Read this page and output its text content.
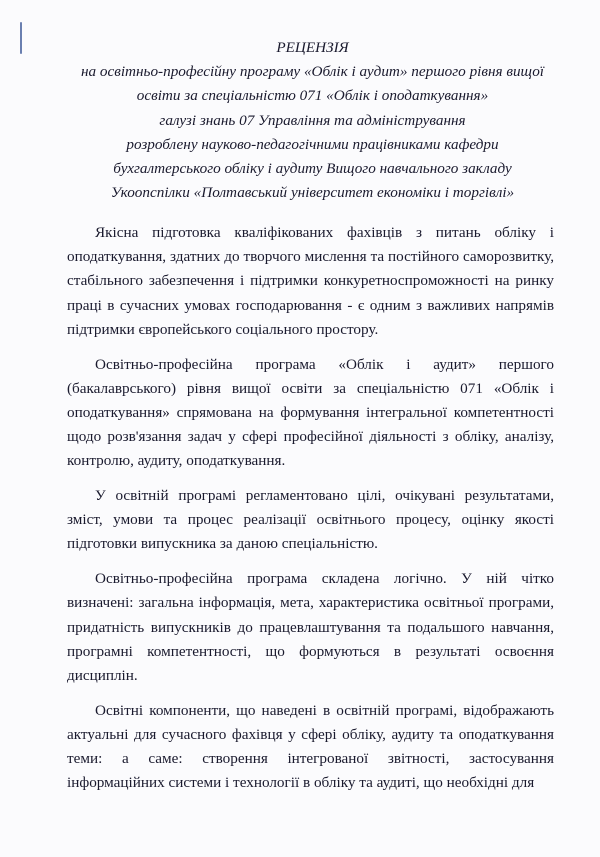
РЕЦЕНЗІЯ
на освітньо-професійну програму «Облік і аудит» першого рівня вищої
освіти за спеціальністю 071 «Облік і оподаткування»
галузі знань 07 Управління та адміністрування
розроблену науково-педагогічними працівниками кафедри
бухгалтерського обліку і аудиту Вищого навчального закладу
Укоопспілки «Полтавський університет економіки і торгівлі»

Якісна підготовка кваліфікованих фахівців з питань обліку і оподаткування, здатних до творчого мислення та постійного саморозвитку, стабільного забезпечення і підтримки конкуретноспроможності на ринку праці в сучасних умовах господарювання - є одним з важливих напрямів підтримки європейського соціального простору.

Освітньо-професійна програма «Облік і аудит» першого (бакалаврського) рівня вищої освіти за спеціальністю 071 «Облік і оподаткування» спрямована на формування інтегральної компетентності щодо розв'язання задач у сфері професійної діяльності з обліку, аналізу, контролю, аудиту, оподаткування.

У освітній програмі регламентовано цілі, очікувані результатами, зміст, умови та процес реалізації освітнього процесу, оцінку якості підготовки випускника за даною спеціальністю.

Освітньо-професійна програма складена логічно. У ній чітко визначені: загальна інформація, мета, характеристика освітньої програми, придатність випускників до працевлаштування та подальшого навчання, програмні компетентності, що формуються в результаті освоєння дисциплін.

Освітні компоненти, що наведені в освітній програмі, відображають актуальні для сучасного фахівця у сфері обліку, аудиту та оподаткування теми: а саме: створення інтегрованої звітності, застосування інформаційних системи і технології в обліку та аудиті, що необхідні для
